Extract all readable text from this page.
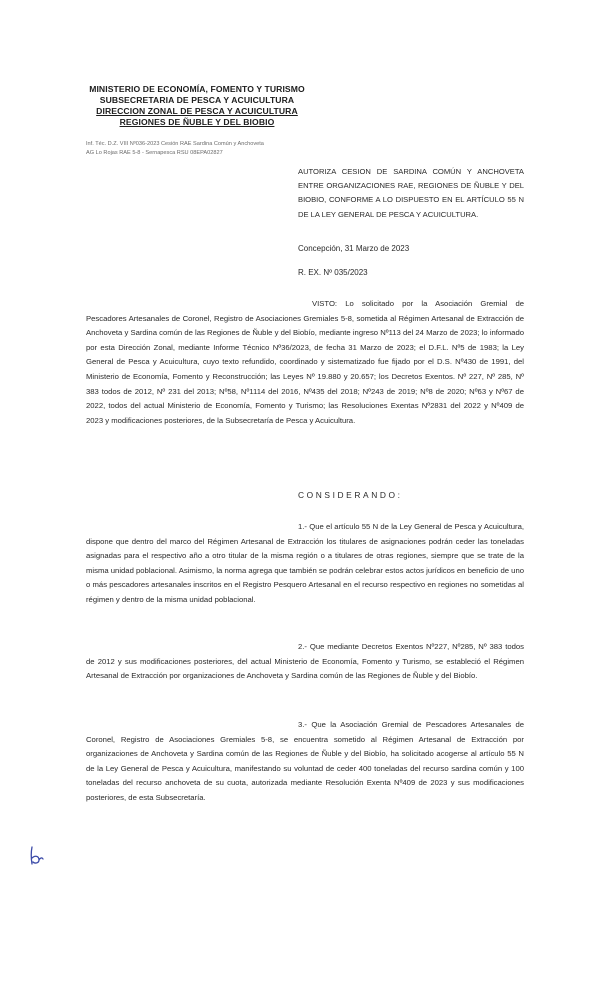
MINISTERIO DE ECONOMÍA, FOMENTO Y TURISMO
SUBSECRETARIA DE PESCA Y ACUICULTURA
DIRECCION ZONAL DE PESCA Y ACUICULTURA
REGIONES DE ÑUBLE Y DEL BIOBIO
Inf. Téc. D.Z. VIII Nº036-2023 Cesión RAE Sardina Común y Anchoveta
AG Lo Rojas RAE 5-8 - Sernapesca RSU 08EPA02827
AUTORIZA CESION DE SARDINA COMÚN Y ANCHOVETA ENTRE ORGANIZACIONES RAE, REGIONES DE ÑUBLE Y DEL BIOBIO, CONFORME A LO DISPUESTO EN EL ARTÍCULO 55 N DE LA LEY GENERAL DE PESCA Y ACUICULTURA.
Concepción, 31 Marzo de 2023
R. EX. Nº 035/2023
VISTO: Lo solicitado por la Asociación Gremial de Pescadores Artesanales de Coronel, Registro de Asociaciones Gremiales 5-8, sometida al Régimen Artesanal de Extracción de Anchoveta y Sardina común de las Regiones de Ñuble y del Biobío, mediante ingreso Nº113 del 24 Marzo de 2023; lo informado por esta Dirección Zonal, mediante Informe Técnico Nº36/2023, de fecha 31 Marzo de 2023; el D.F.L. Nº5 de 1983; la Ley General de Pesca y Acuicultura, cuyo texto refundido, coordinado y sistematizado fue fijado por el D.S. Nº430 de 1991, del Ministerio de Economía, Fomento y Reconstrucción; las Leyes Nº 19.880 y 20.657; los Decretos Exentos. Nº 227, Nº 285, Nº 383 todos de 2012, Nº 231 del 2013; Nº58, Nº1114 del 2016, Nº435 del 2018; Nº243 de 2019; Nº8 de 2020; Nº63 y Nº67 de 2022, todos del actual Ministerio de Economía, Fomento y Turismo; las Resoluciones Exentas Nº2831 del 2022 y Nº409 de 2023 y modificaciones posteriores, de la Subsecretaría de Pesca y Acuicultura.
CONSIDERANDO:
1.- Que el artículo 55 N de la Ley General de Pesca y Acuicultura, dispone que dentro del marco del Régimen Artesanal de Extracción los titulares de asignaciones podrán ceder las toneladas asignadas para el respectivo año a otro titular de la misma región o a titulares de otras regiones, siempre que se trate de la misma unidad poblacional. Asimismo, la norma agrega que también se podrán celebrar estos actos jurídicos en beneficio de uno o más pescadores artesanales inscritos en el Registro Pesquero Artesanal en el recurso respectivo en regiones no sometidas al régimen y dentro de la misma unidad poblacional.
2.- Que mediante Decretos Exentos Nº227, Nº285, Nº 383 todos de 2012 y sus modificaciones posteriores, del actual Ministerio de Economía, Fomento y Turismo, se estableció el Régimen Artesanal de Extracción por organizaciones de Anchoveta y Sardina común de las Regiones de Ñuble y del Biobío.
3.- Que la Asociación Gremial de Pescadores Artesanales de Coronel, Registro de Asociaciones Gremiales 5-8, se encuentra sometido al Régimen Artesanal de Extracción por organizaciones de Anchoveta y Sardina común de las Regiones de Ñuble y del Biobío, ha solicitado acogerse al artículo 55 N de la Ley General de Pesca y Acuicultura, manifestando su voluntad de ceder 400 toneladas del recurso sardina común y 100 toneladas del recurso anchoveta de su cuota, autorizada mediante Resolución Exenta Nº409 de 2023 y sus modificaciones posteriores, de esta Subsecretaría.
